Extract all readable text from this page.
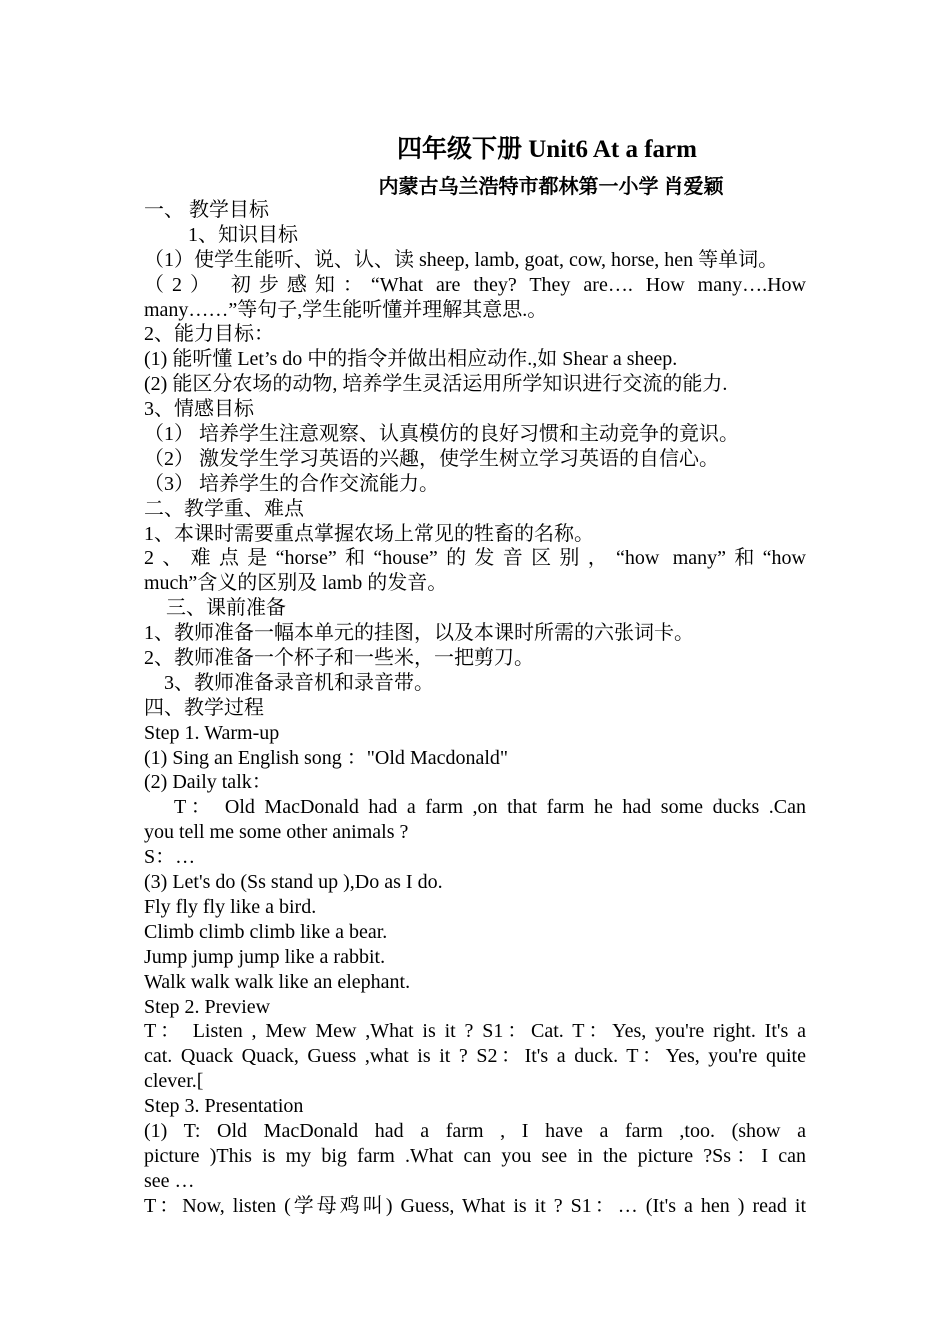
四年级下册 Unit6 At a farm
内蒙古乌兰浩特市都林第一小学 肖爱颖
一、 教学目标
1、知识目标
（1）使学生能听、说、认、读 sheep, lamb, goat, cow, horse, hen 等单词。
（2） 初步感知：“What are they? They are…. How many….How
many……”等句子,学生能听懂并理解其意思.。
2、能力目标：
(1) 能听懂 Let’s do 中的指令并做出相应动作.,如 Shear a sheep.
(2) 能区分农场的动物, 培养学生灵活运用所学知识进行交流的能力.
3、情感目标
（1） 培养学生注意观察、认真模仿的良好习惯和主动竞争的竟识。
（2） 激发学生学习英语的兴趣，使学生树立学习英语的自信心。
（3） 培养学生的合作交流能力。
二、教学重、难点
1、本课时需要重点掌握农场上常见的牲畜的名称。
2、难点是“horse”和“house”的发音区别，“how many”和“how
much”含义的区别及 lamb 的发音。
三、课前准备
1、教师准备一幅本单元的挂图，以及本课时所需的六张词卡。
2、教师准备一个杯子和一些米，一把剪刀。
3、教师准备录音机和录音带。
四、教学过程
Step 1. Warm-up
(1) Sing an English song ："Old Macdonald"
(2) Daily talk：
T： Old MacDonald had a farm ,on that farm he had some ducks .Can
you tell me some other animals ?
S：…
(3) Let's do (Ss stand up ),Do as I do.
Fly fly fly like a bird.
Climb climb climb like a bear.
Jump jump jump like a rabbit.
Walk walk walk like an elephant.
Step 2. Preview
T： Listen , Mew Mew ,What is it ? S1：Cat. T：Yes, you're right. It's a
cat. Quack Quack, Guess ,what is it ? S2：It's a duck. T：Yes, you're quite
clever.[
Step 3. Presentation
(1) T: Old MacDonald had a farm , I have a farm ,too. (show a
picture )This is my big farm .What can you see in the picture ?Ss：I can
see …
T：Now, listen (学母鸡叫) Guess, What is it ? S1：… (It's a hen ) read it
